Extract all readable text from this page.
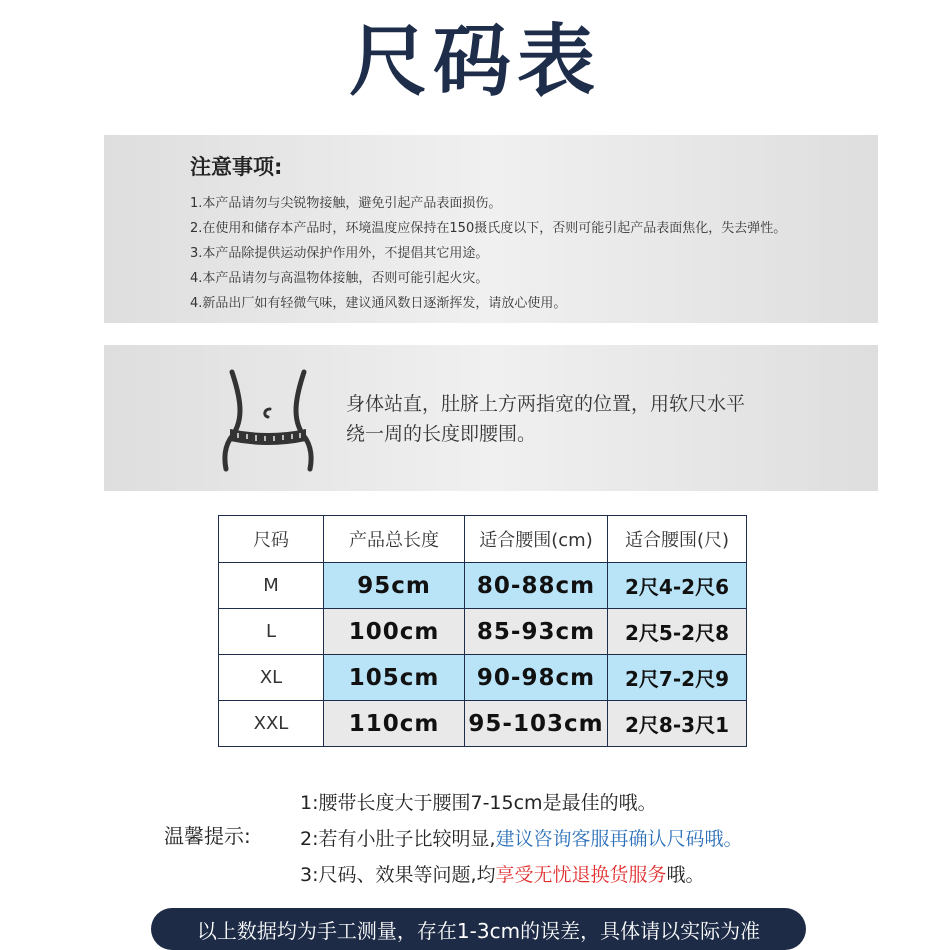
尺码表
注意事项:
1.本产品请勿与尖锐物接触，避免引起产品表面损伤。
2.在使用和储存本产品时，环境温度应保持在150摄氏度以下，否则可能引起产品表面焦化，失去弹性。
3.本产品除提供运动保护作用外，不提倡其它用途。
4.本产品请勿与高温物体接触，否则可能引起火灾。
4.新品出厂如有轻微气味，建议通风数日逐渐挥发，请放心使用。
身体站直，肚脐上方两指宽的位置，用软尺水平
绕一周的长度即腰围。
尺码	产品总长度	适合腰围(cm)	适合腰围(尺)
M	95cm	80-88cm	2尺4-2尺6
L	100cm	85-93cm	2尺5-2尺8
XL	105cm	90-98cm	2尺7-2尺9
XXL	110cm	95-103cm	2尺8-3尺1
温馨提示:
1:腰带长度大于腰围7-15cm是最佳的哦。
2:若有小肚子比较明显,建议咨询客服再确认尺码哦。
3:尺码、效果等问题,均享受无忧退换货服务哦。
以上数据均为手工测量，存在1-3cm的误差，具体请以实际为准
